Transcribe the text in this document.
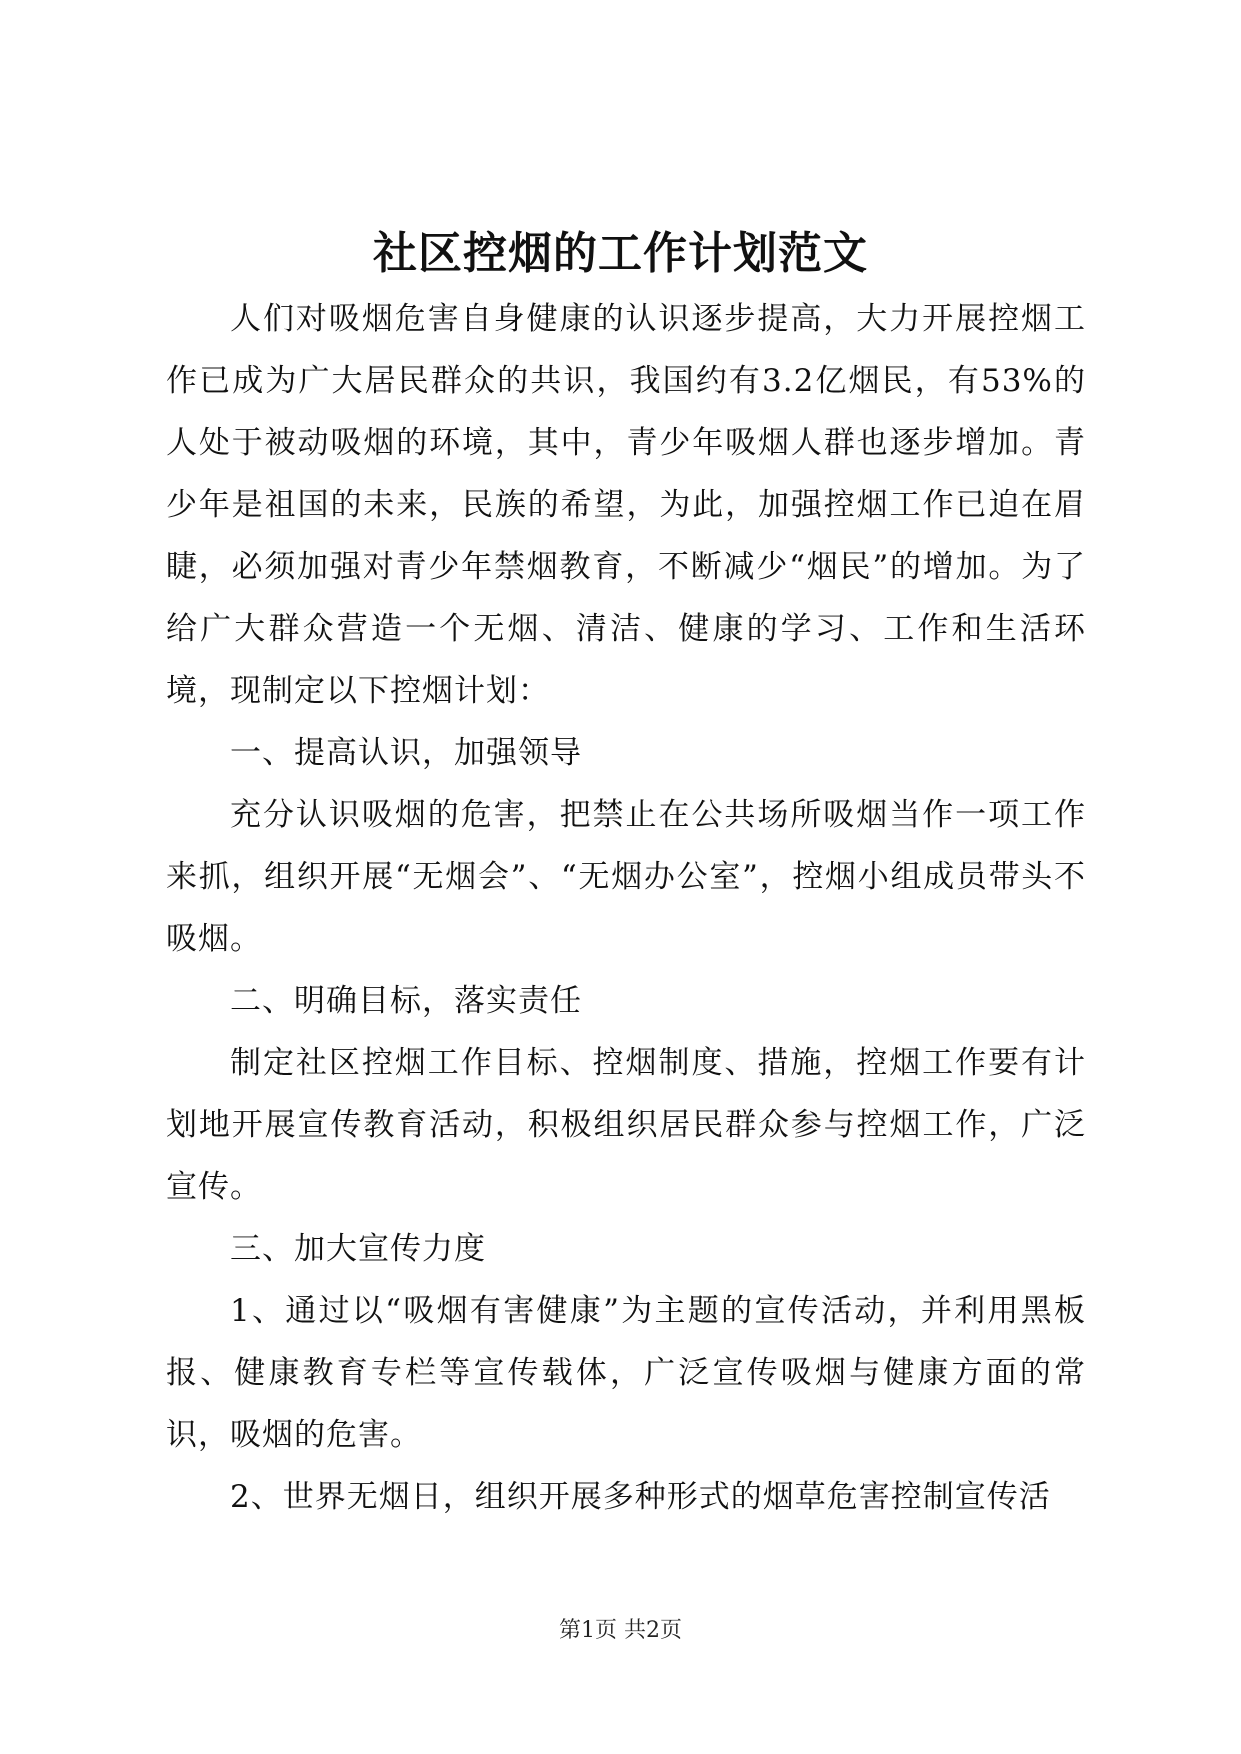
社区控烟的工作计划范文

人们对吸烟危害自身健康的认识逐步提高，大力开展控烟工作已成为广大居民群众的共识，我国约有3.2亿烟民，有53%的人处于被动吸烟的环境，其中，青少年吸烟人群也逐步增加。青少年是祖国的未来，民族的希望，为此，加强控烟工作已迫在眉睫，必须加强对青少年禁烟教育，不断减少“烟民”的增加。为了给广大群众营造一个无烟、清洁、健康的学习、工作和生活环境，现制定以下控烟计划：

一、提高认识，加强领导

充分认识吸烟的危害，把禁止在公共场所吸烟当作一项工作来抓，组织开展“无烟会”、“无烟办公室”，控烟小组成员带头不吸烟。

二、明确目标，落实责任

制定社区控烟工作目标、控烟制度、措施，控烟工作要有计划地开展宣传教育活动，积极组织居民群众参与控烟工作，广泛宣传。

三、加大宣传力度

1、通过以“吸烟有害健康”为主题的宣传活动，并利用黑板报、健康教育专栏等宣传载体，广泛宣传吸烟与健康方面的常识，吸烟的危害。

2、世界无烟日，组织开展多种形式的烟草危害控制宣传活

第1页 共2页
